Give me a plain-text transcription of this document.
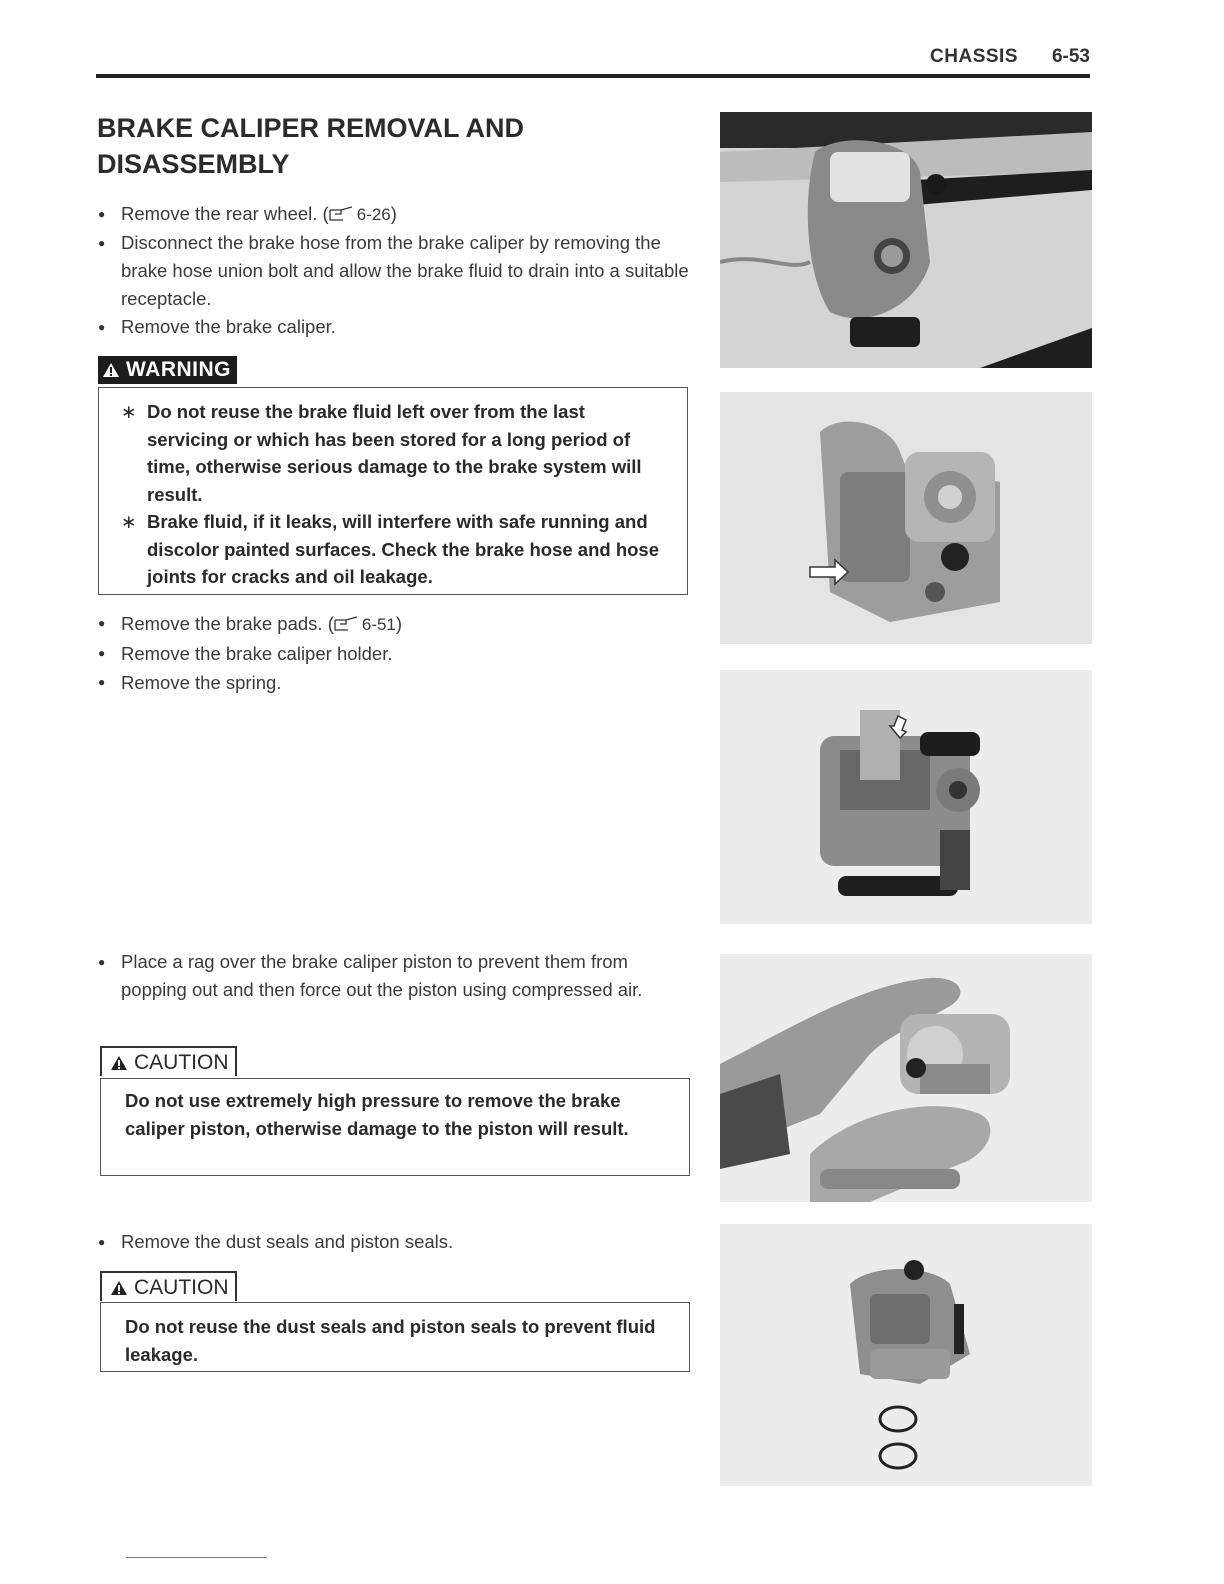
CHASSIS 6-53
BRAKE CALIPER REMOVAL AND DISASSEMBLY
● Remove the rear wheel. ( 6-26)
● Disconnect the brake hose from the brake caliper by removing the brake hose union bolt and allow the brake fluid to drain into a suitable receptacle.
● Remove the brake caliper.
WARNING
∗ Do not reuse the brake fluid left over from the last servicing or which has been stored for a long period of time, otherwise serious damage to the brake system will result.
∗ Brake fluid, if it leaks, will interfere with safe running and discolor painted surfaces. Check the brake hose and hose joints for cracks and oil leakage.
● Remove the brake pads. ( 6-51)
● Remove the brake caliper holder.
● Remove the spring.
● Place a rag over the brake caliper piston to prevent them from popping out and then force out the piston using compressed air.
CAUTION
Do not use extremely high pressure to remove the brake caliper piston, otherwise damage to the piston will result.
● Remove the dust seals and piston seals.
CAUTION
Do not reuse the dust seals and piston seals to prevent fluid leakage.
